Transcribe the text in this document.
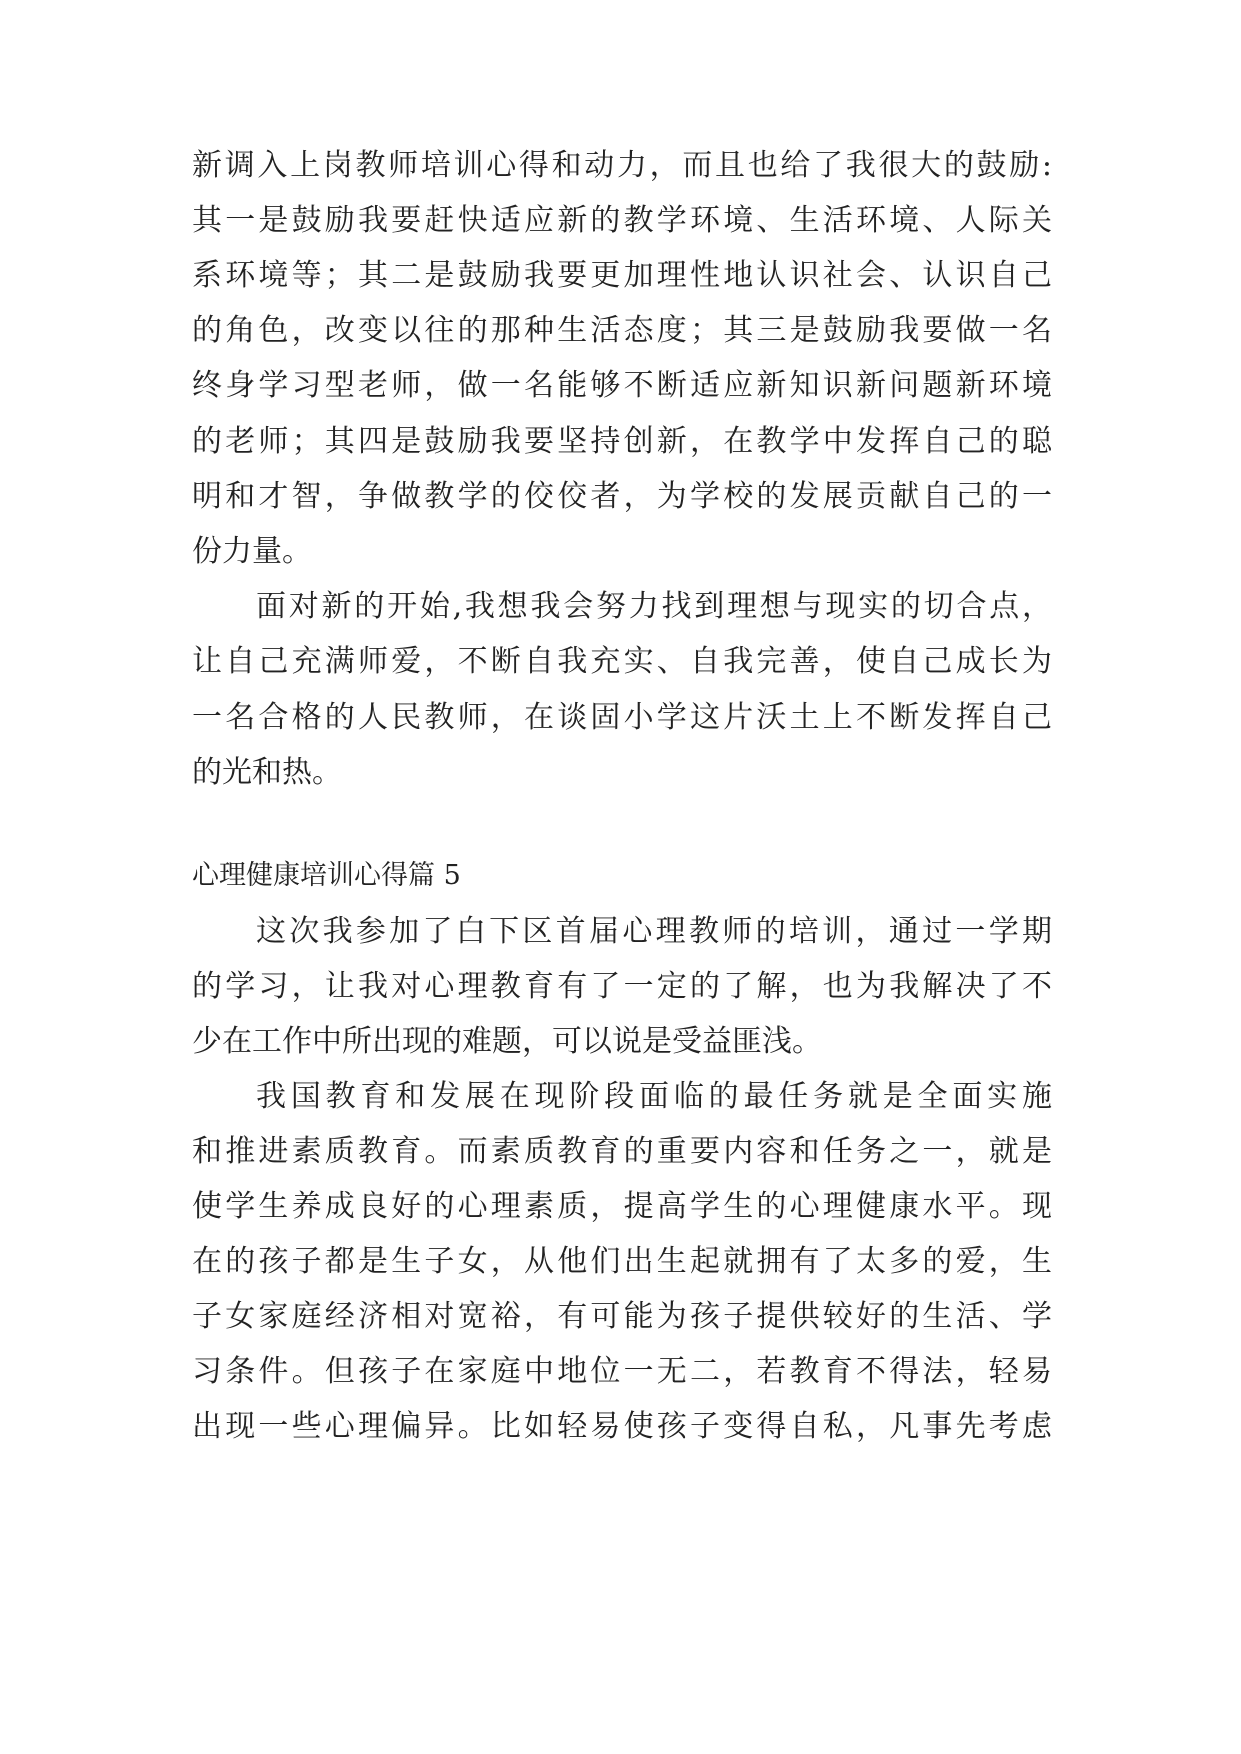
新调入上岗教师培训心得和动力，而且也给了我很大的鼓励:
其一是鼓励我要赶快适应新的教学环境、生活环境、人际关
系环境等；其二是鼓励我要更加理性地认识社会、认识自己
的角色，改变以往的那种生活态度；其三是鼓励我要做一名
终身学习型老师，做一名能够不断适应新知识新问题新环境
的老师；其四是鼓励我要坚持创新，在教学中发挥自己的聪
明和才智，争做教学的佼佼者，为学校的发展贡献自己的一
份力量。
面对新的开始,我想我会努力找到理想与现实的切合点，
让自己充满师爱，不断自我充实、自我完善，使自己成长为
一名合格的人民教师，在谈固小学这片沃土上不断发挥自己
的光和热。
心理健康培训心得篇 5
这次我参加了白下区首届心理教师的培训，通过一学期
的学习，让我对心理教育有了一定的了解，也为我解决了不
少在工作中所出现的难题，可以说是受益匪浅。
我国教育和发展在现阶段面临的最任务就是全面实施
和推进素质教育。而素质教育的重要内容和任务之一，就是
使学生养成良好的心理素质，提高学生的心理健康水平。现
在的孩子都是生子女，从他们出生起就拥有了太多的爱，生
子女家庭经济相对宽裕，有可能为孩子提供较好的生活、学
习条件。但孩子在家庭中地位一无二，若教育不得法，轻易
出现一些心理偏异。比如轻易使孩子变得自私，凡事先考虑
